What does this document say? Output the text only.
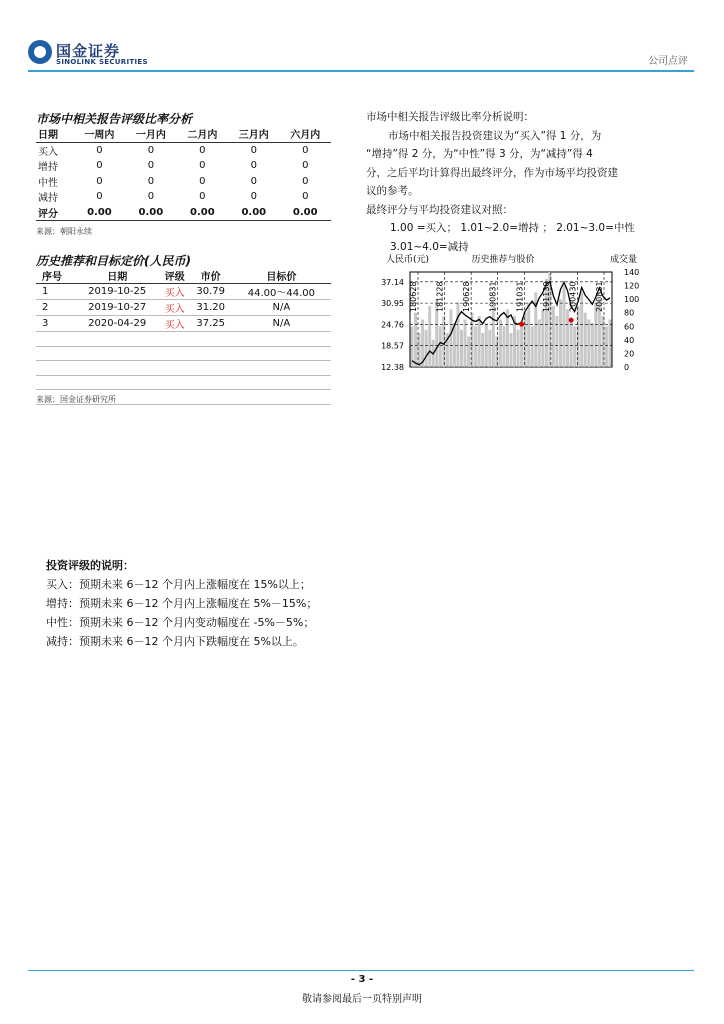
国金证券
SINOLINK SECURITIES	公司点评
市场中相关报告评级比率分析
日期	一周内	一月内	二月内	三月内	六月内
买入	0	0	0	0	0
增持	0	0	0	0	0
中性	0	0	0	0	0
减持	0	0	0	0	0
评分	0.00	0.00	0.00	0.00	0.00
来源：朝阳永续
历史推荐和目标定价(人民币)
序号	日期	评级	市价	目标价
1	2019-10-25	买入	30.79	44.00～44.00
2	2019-10-27	买入	31.20	N/A
3	2020-04-29	买入	37.25	N/A

来源：国金证券研究所
市场中相关报告评级比率分析说明：
市场中相关报告投资建议为“买入”得 1 分，为
“增持”得 2 分，为“中性”得 3 分，为“减持”得 4
分，之后平均计算得出最终评分，作为市场平均投资建
议的参考。
最终评分与平均投资建议对照：
1.00 =买入； 1.01~2.0=增持 ； 2.01~3.0=中性
3.01~4.0=减持
历史推荐与股价
人民币(元)	成交量
37.14
30.95
24.76
18.57
12.38
140
120
100
80
60
40
20
0
180628 181228 190628 190831 191031 191130 200430 200831
投资评级的说明：
买入：预期未来 6－12 个月内上涨幅度在 15%以上；
增持：预期未来 6－12 个月内上涨幅度在 5%－15%；
中性：预期未来 6－12 个月内变动幅度在 -5%－5%；
减持：预期未来 6－12 个月内下跌幅度在 5%以上。
- 3 -
敬请参阅最后一页特别声明
